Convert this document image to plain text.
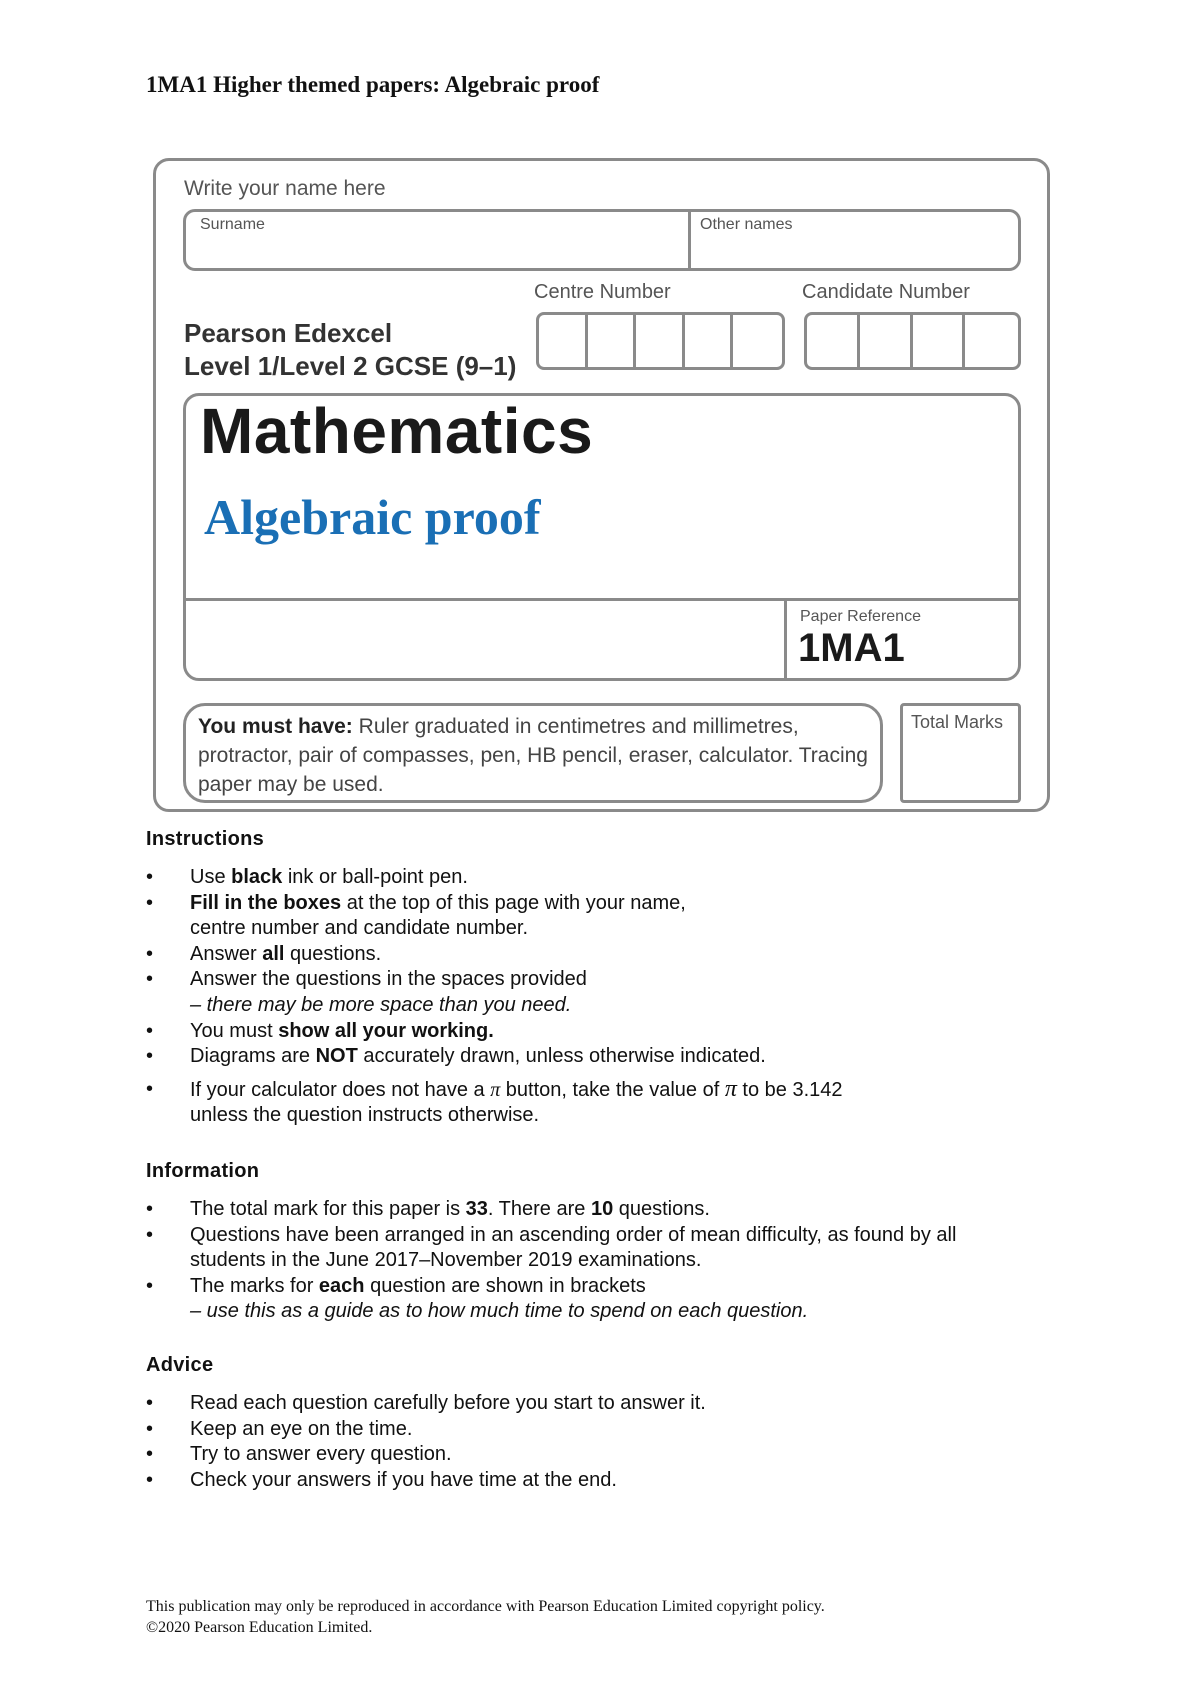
1MA1 Higher themed papers: Algebraic proof
Write your name here
Surname	Other names
Centre Number	Candidate Number
Pearson Edexcel
Level 1/Level 2 GCSE (9–1)
Mathematics
Algebraic proof
Paper Reference
1MA1
You must have: Ruler graduated in centimetres and millimetres, protractor, pair of compasses, pen, HB pencil, eraser, calculator. Tracing paper may be used.
Total Marks
Instructions
• Use black ink or ball-point pen.
• Fill in the boxes at the top of this page with your name,
centre number and candidate number.
• Answer all questions.
• Answer the questions in the spaces provided
– there may be more space than you need.
• You must show all your working.
• Diagrams are NOT accurately drawn, unless otherwise indicated.
• If your calculator does not have a π button, take the value of π to be 3.142
unless the question instructs otherwise.
Information
• The total mark for this paper is 33. There are 10 questions.
• Questions have been arranged in an ascending order of mean difficulty, as found by all
students in the June 2017–November 2019 examinations.
• The marks for each question are shown in brackets
– use this as a guide as to how much time to spend on each question.
Advice
• Read each question carefully before you start to answer it.
• Keep an eye on the time.
• Try to answer every question.
• Check your answers if you have time at the end.
This publication may only be reproduced in accordance with Pearson Education Limited copyright policy.
©2020 Pearson Education Limited.
